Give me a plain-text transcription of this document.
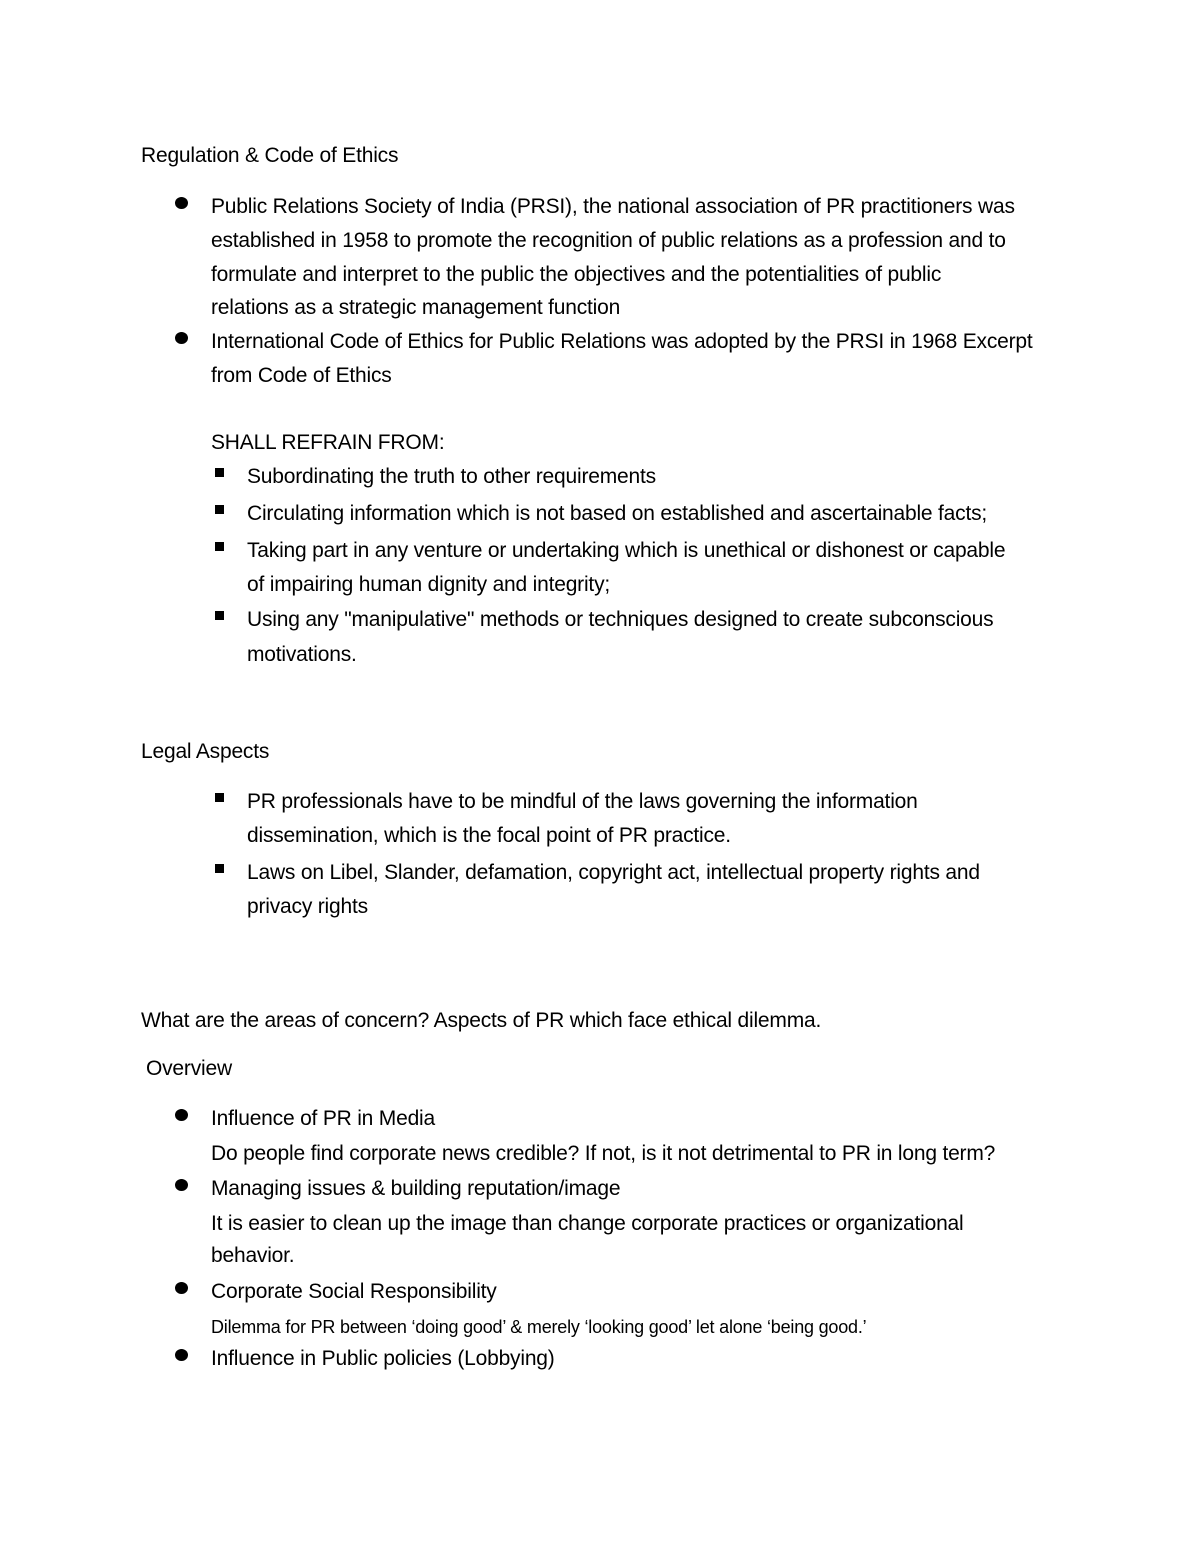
Regulation & Code of Ethics
Public Relations Society of India (PRSI), the national association of PR practitioners was
established in 1958 to promote the recognition of public relations as a profession and to
formulate and interpret to the public the objectives and the potentialities of public
relations as a strategic management function
International Code of Ethics for Public Relations was adopted by the PRSI in 1968 Excerpt
from Code of Ethics
SHALL REFRAIN FROM:
Subordinating the truth to other requirements
Circulating information which is not based on established and ascertainable facts;
Taking part in any venture or undertaking which is unethical or dishonest or capable
of impairing human dignity and integrity;
Using any "manipulative" methods or techniques designed to create subconscious
motivations.
Legal Aspects
PR professionals have to be mindful of the laws governing the information
dissemination, which is the focal point of PR practice.
Laws on Libel, Slander, defamation, copyright act, intellectual property rights and
privacy rights
What are the areas of concern? Aspects of PR which face ethical dilemma.
Overview
Influence of PR in Media
Do people find corporate news credible? If not, is it not detrimental to PR in long term?
Managing issues & building reputation/image
It is easier to clean up the image than change corporate practices or organizational
behavior.
Corporate Social Responsibility
Dilemma for PR between ‘doing good’ & merely ‘looking good’ let alone ‘being good.’
Influence in Public policies (Lobbying)
